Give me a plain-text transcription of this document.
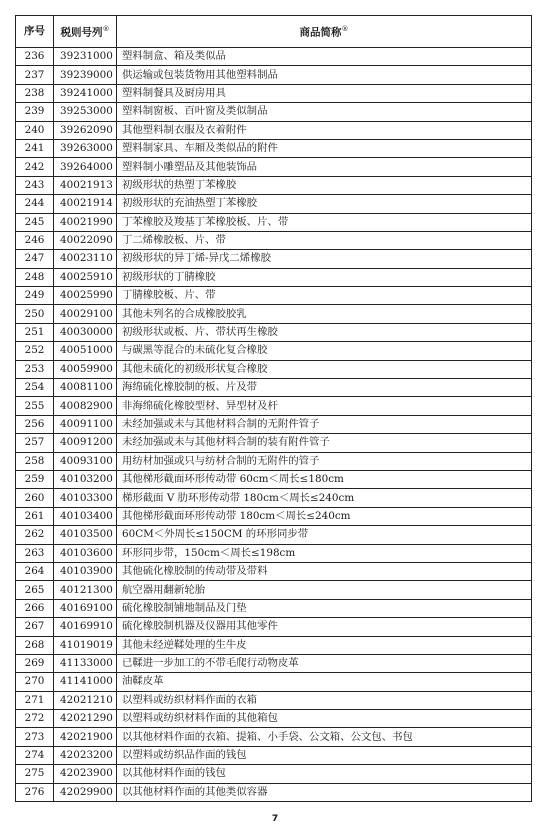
序号	税则号列®	商品简称®
236	39231000	塑料制盒、箱及类似品
237	39239000	供运输或包装货物用其他塑料制品
238	39241000	塑料制餐具及厨房用具
239	39253000	塑料制窗板、百叶窗及类似制品
240	39262090	其他塑料制衣服及衣着附件
241	39263000	塑料制家具、车厢及类似品的附件
242	39264000	塑料制小雕塑品及其他装饰品
243	40021913	初级形状的热塑丁苯橡胶
244	40021914	初级形状的充油热塑丁苯橡胶
245	40021990	丁苯橡胶及羧基丁苯橡胶板、片、带
246	40022090	丁二烯橡胶板、片、带
247	40023110	初级形状的异丁烯-异戊二烯橡胶
248	40025910	初级形状的丁腈橡胶
249	40025990	丁腈橡胶板、片、带
250	40029100	其他未列名的合成橡胶胶乳
251	40030000	初级形状或板、片、带状再生橡胶
252	40051000	与碳黑等混合的未硫化复合橡胶
253	40059900	其他未硫化的初级形状复合橡胶
254	40081100	海绵硫化橡胶制的板、片及带
255	40082900	非海绵硫化橡胶型材、异型材及杆
256	40091100	未经加强或未与其他材料合制的无附件管子
257	40091200	未经加强或未与其他材料合制的装有附件管子
258	40093100	用纺材加强或只与纺材合制的无附件的管子
259	40103200	其他梯形截面环形传动带 60cm＜周长≤180cm
260	40103300	梯形截面 V 肋环形传动带 180cm＜周长≤240cm
261	40103400	其他梯形截面环形传动带 180cm＜周长≤240cm
262	40103500	60CM＜外周长≤150CM 的环形同步带
263	40103600	环形同步带，150cm＜周长≤198cm
264	40103900	其他硫化橡胶制的传动带及带料
265	40121300	航空器用翻新轮胎
266	40169100	硫化橡胶制铺地制品及门垫
267	40169910	硫化橡胶制机器及仪器用其他零件
268	41019019	其他未经逆鞣处理的生牛皮
269	41133000	已鞣进一步加工的不带毛爬行动物皮革
270	41141000	油鞣皮革
271	42021210	以塑料或纺织材料作面的衣箱
272	42021290	以塑料或纺织材料作面的其他箱包
273	42021900	以其他材料作面的衣箱、提箱、小手袋、公文箱、公文包、书包
274	42023200	以塑料或纺织品作面的钱包
275	42023900	以其他材料作面的钱包
276	42029900	以其他材料作面的其他类似容器
7
